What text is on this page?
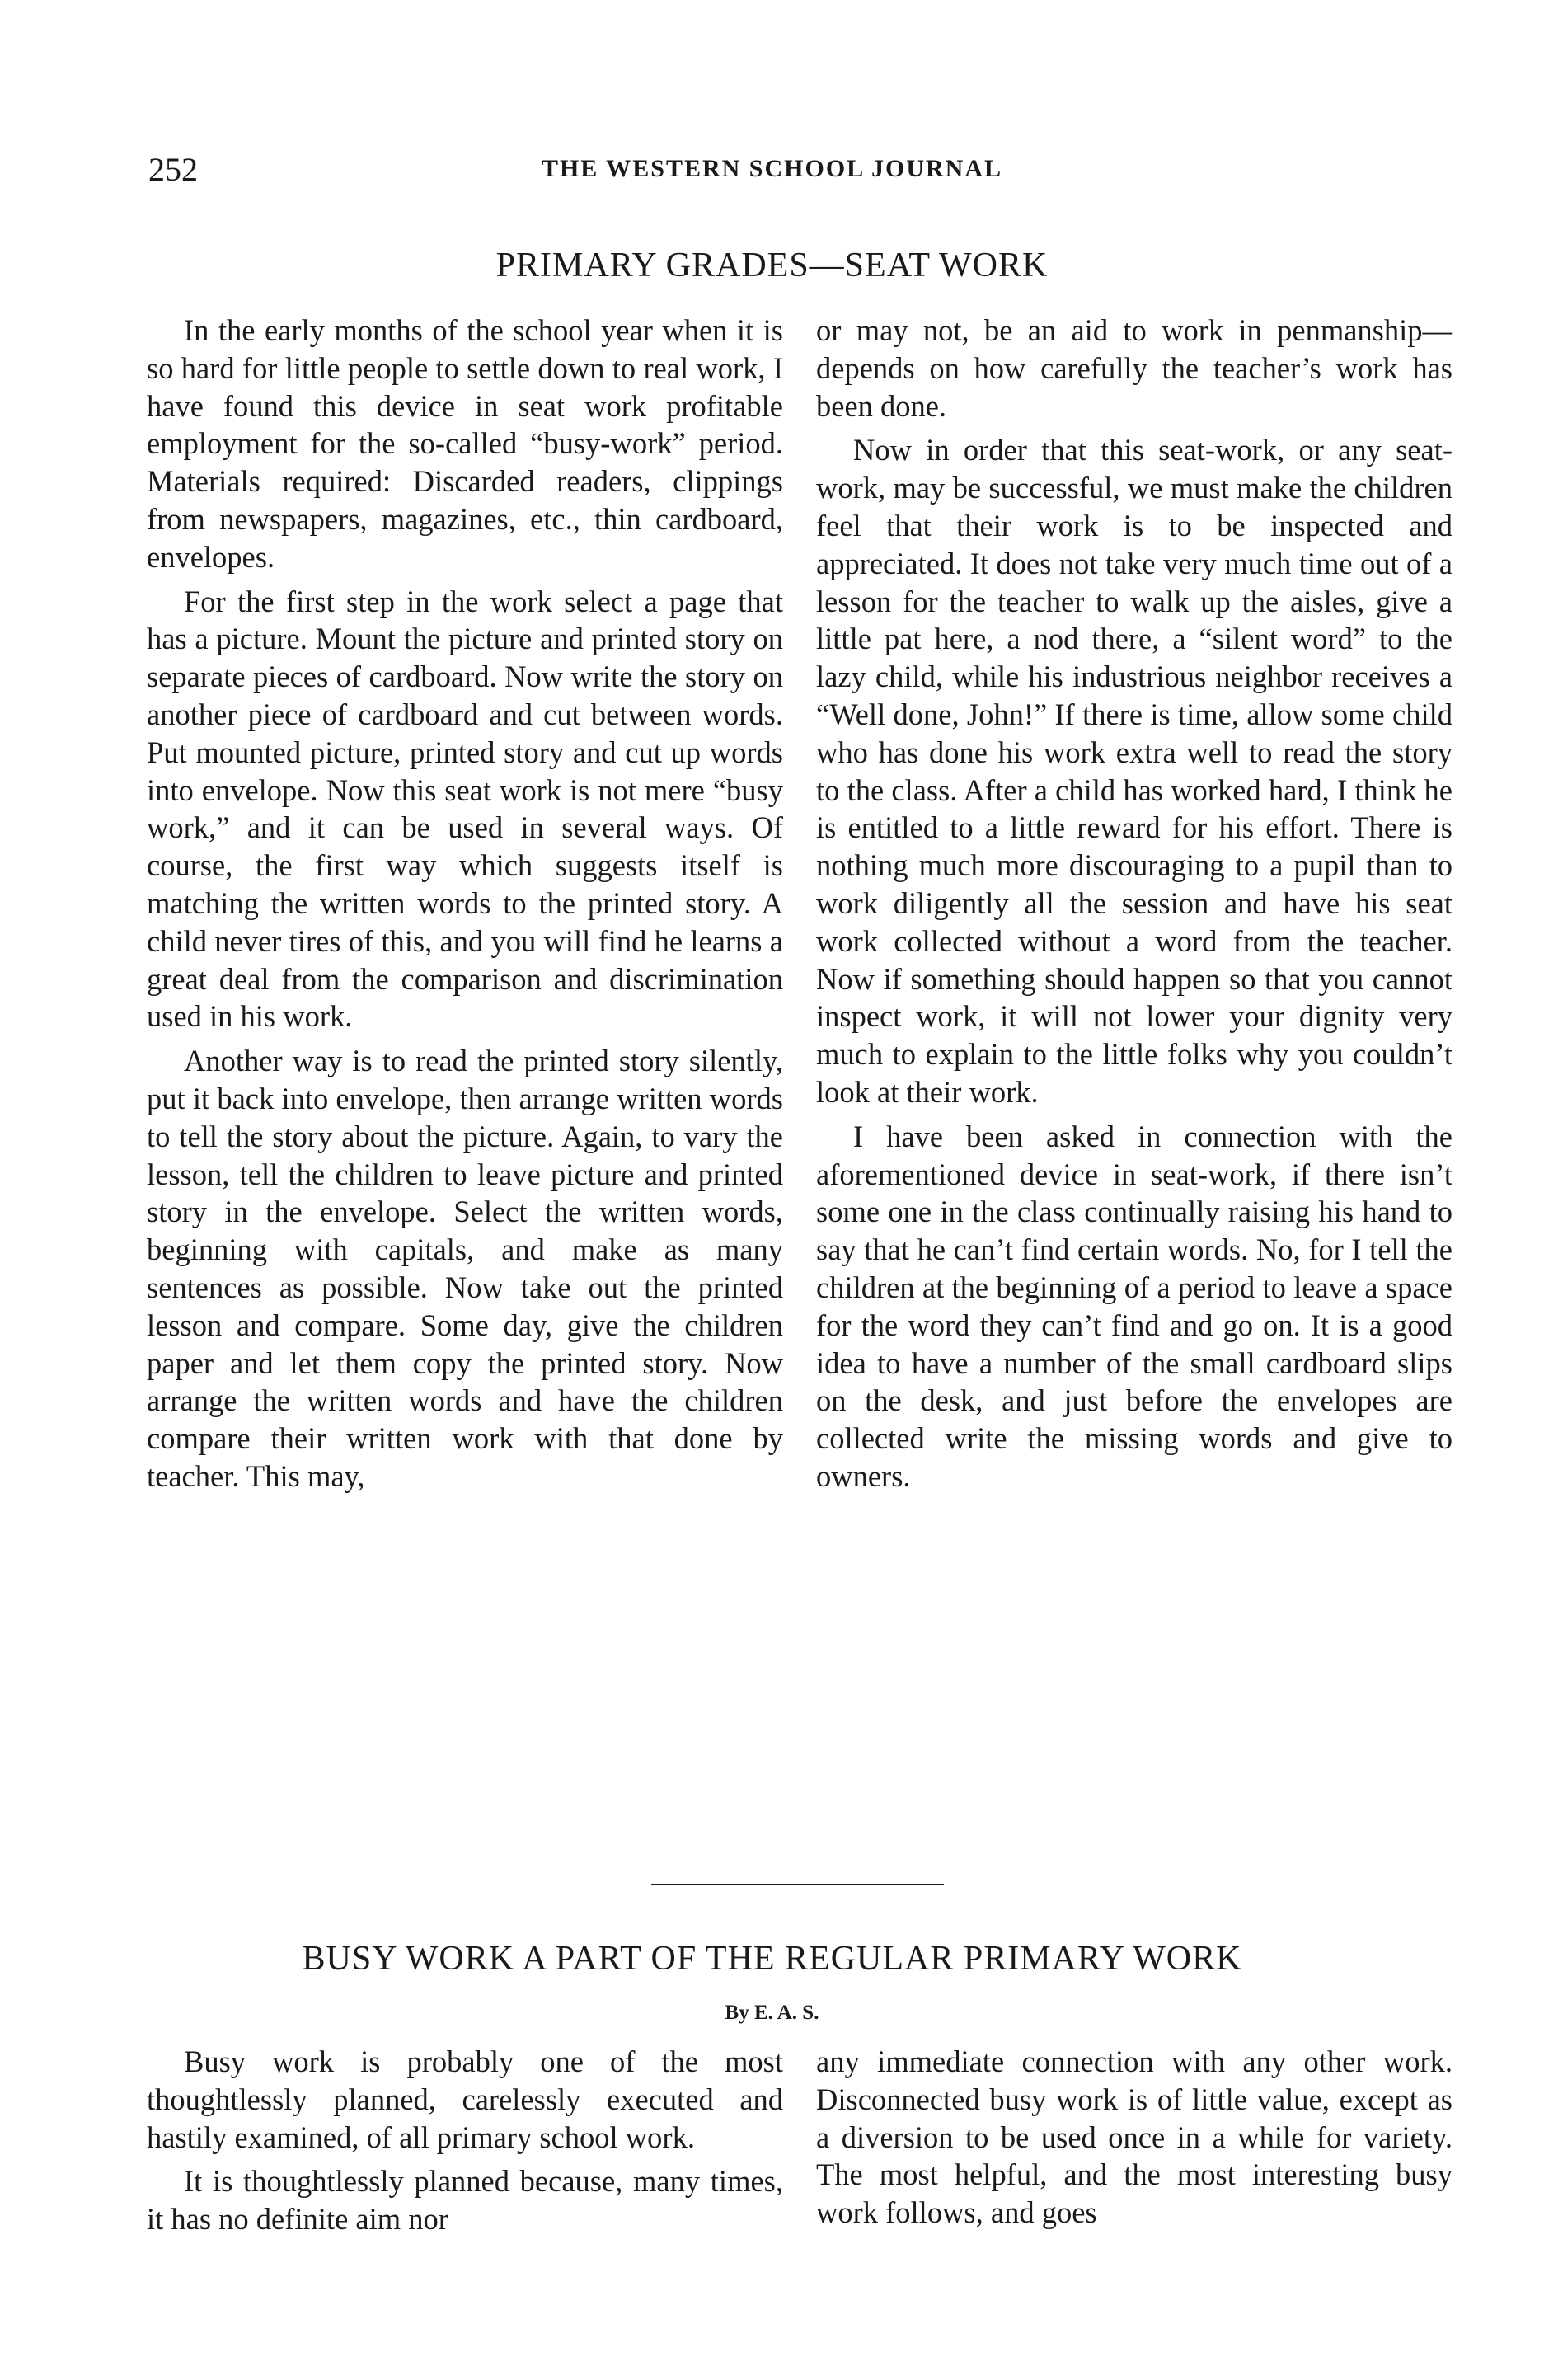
252	THE WESTERN SCHOOL JOURNAL
PRIMARY GRADES—SEAT WORK

In the early months of the school year when it is so hard for little people to settle down to real work, I have found this device in seat work profitable employment for the so-called “busy-work” period. Materials required: Discarded readers, clippings from newspapers, magazines, etc., thin cardboard, envelopes.

For the first step in the work select a page that has a picture. Mount the picture and printed story on separate pieces of cardboard. Now write the story on another piece of cardboard and cut between words. Put mounted picture, printed story and cut up words into envelope. Now this seat work is not mere “busy work,” and it can be used in several ways. Of course, the first way which suggests itself is matching the written words to the printed story. A child never tires of this, and you will find he learns a great deal from the comparison and discrimination used in his work.

Another way is to read the printed story silently, put it back into envelope, then arrange written words to tell the story about the picture. Again, to vary the lesson, tell the children to leave picture and printed story in the envelope. Select the written words, beginning with capitals, and make as many sentences as possible. Now take out the printed lesson and compare. Some day, give the children paper and let them copy the printed story. Now arrange the written words and have the children compare their written work with that done by teacher. This may,

or may not, be an aid to work in penmanship—depends on how carefully the teacher’s work has been done.

Now in order that this seat-work, or any seat-work, may be successful, we must make the children feel that their work is to be inspected and appreciated. It does not take very much time out of a lesson for the teacher to walk up the aisles, give a little pat here, a nod there, a “silent word” to the lazy child, while his industrious neighbor receives a “Well done, John!” If there is time, allow some child who has done his work extra well to read the story to the class. After a child has worked hard, I think he is entitled to a little reward for his effort. There is nothing much more discouraging to a pupil than to work diligently all the session and have his seat work collected without a word from the teacher. Now if something should happen so that you cannot inspect work, it will not lower your dignity very much to explain to the little folks why you couldn’t look at their work.

I have been asked in connection with the aforementioned device in seat-work, if there isn’t some one in the class continually raising his hand to say that he can’t find certain words. No, for I tell the children at the beginning of a period to leave a space for the word they can’t find and go on. It is a good idea to have a number of the small cardboard slips on the desk, and just before the envelopes are collected write the missing words and give to owners.

BUSY WORK A PART OF THE REGULAR PRIMARY WORK
By E. A. S.

Busy work is probably one of the most thoughtlessly planned, carelessly executed and hastily examined, of all primary school work.

It is thoughtlessly planned because, many times, it has no definite aim nor

any immediate connection with any other work. Disconnected busy work is of little value, except as a diversion to be used once in a while for variety. The most helpful, and the most interesting busy work follows, and goes
